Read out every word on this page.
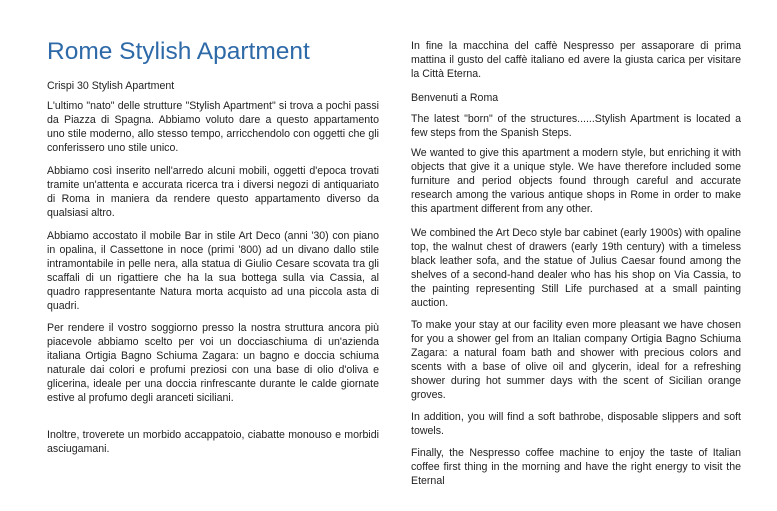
Rome Stylish Apartment
Crispi 30 Stylish Apartment
L'ultimo "nato" delle strutture "Stylish Apartment" si trova a pochi passi da Piazza di Spagna. Abbiamo voluto dare a questo appartamento uno stile moderno, allo stesso tempo, arricchendolo con oggetti che gli conferissero uno stile unico.
Abbiamo così inserito nell'arredo alcuni mobili, oggetti d'epoca trovati tramite un'attenta e accurata ricerca tra i diversi negozi di antiquariato di Roma in maniera da rendere questo appartamento diverso da qualsiasi altro.
Abbiamo accostato il mobile Bar in stile Art Deco (anni '30) con piano in opalina, il Cassettone in noce (primi '800) ad un divano dallo stile intramontabile in pelle nera, alla statua di Giulio Cesare scovata tra gli scaffali di un rigattiere che ha la sua bottega sulla via Cassia, al quadro rappresentante Natura morta acquisto ad una piccola asta di quadri.
Per rendere il vostro soggiorno presso la nostra struttura ancora più piacevole abbiamo scelto per voi un docciaschiuma di un'azienda italiana Ortigia Bagno Schiuma Zagara: un bagno e doccia schiuma naturale dai colori e profumi preziosi con una base di olio d'oliva e glicerina, ideale per una doccia rinfrescante durante le calde giornate estive al profumo degli aranceti siciliani.
Inoltre, troverete un morbido accappatoio, ciabatte monouso e morbidi asciugamani.
In fine la macchina del caffè Nespresso per assaporare di prima mattina il gusto del caffè italiano ed avere la giusta carica per visitare la Città Eterna.
Benvenuti a Roma
The latest "born" of the structures......Stylish Apartment is located a few steps from the Spanish Steps.
We wanted to give this apartment a modern style, but enriching it with objects that give it a unique style. We have therefore included some furniture and period objects found through careful and accurate research among the various antique shops in Rome in order to make this apartment different from any other.
We combined the Art Deco style bar cabinet (early 1900s) with opaline top, the walnut chest of drawers (early 19th century) with a timeless black leather sofa, and the statue of Julius Caesar found among the shelves of a second-hand dealer who has his shop on Via Cassia, to the painting representing Still Life purchased at a small painting auction.
To make your stay at our facility even more pleasant we have chosen for you a shower gel from an Italian company Ortigia Bagno Schiuma Zagara: a natural foam bath and shower with precious colors and scents with a base of olive oil and glycerin, ideal for a refreshing shower during hot summer days with the scent of Sicilian orange groves.
In addition, you will find a soft bathrobe, disposable slippers and soft towels.
Finally, the Nespresso coffee machine to enjoy the taste of Italian coffee first thing in the morning and have the right energy to visit the Eternal
